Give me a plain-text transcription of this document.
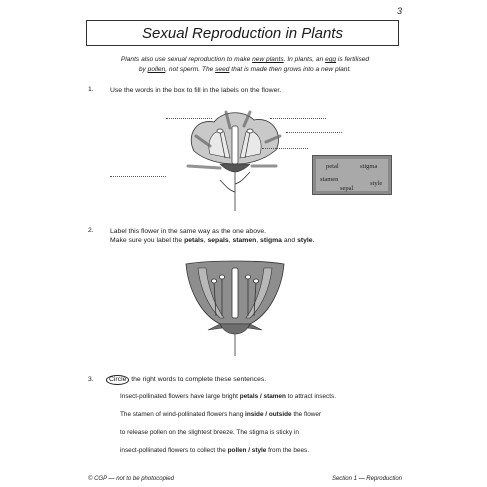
3
Sexual Reproduction in Plants
Plants also use sexual reproduction to make new plants. In plants, an egg is fertilised
by pollen, not sperm. The seed that is made then grows into a new plant.
1. Use the words in the box to fill in the labels on the flower.
petal	stigma
stamen
style
sepal
2. Label this flower in the same way as the one above.
Make sure you label the petals, sepals, stamen, stigma and style.
3.	Circle the right words to complete these sentences.
Insect-pollinated flowers have large bright petals / stamen to attract insects.
The stamen of wind-pollinated flowers hang inside / outside the flower
to release pollen on the slightest breeze. The stigma is sticky in
insect-pollinated flowers to collect the pollen / style from the bees.
© CGP — not to be photocopied	Section 1 — Reproduction
